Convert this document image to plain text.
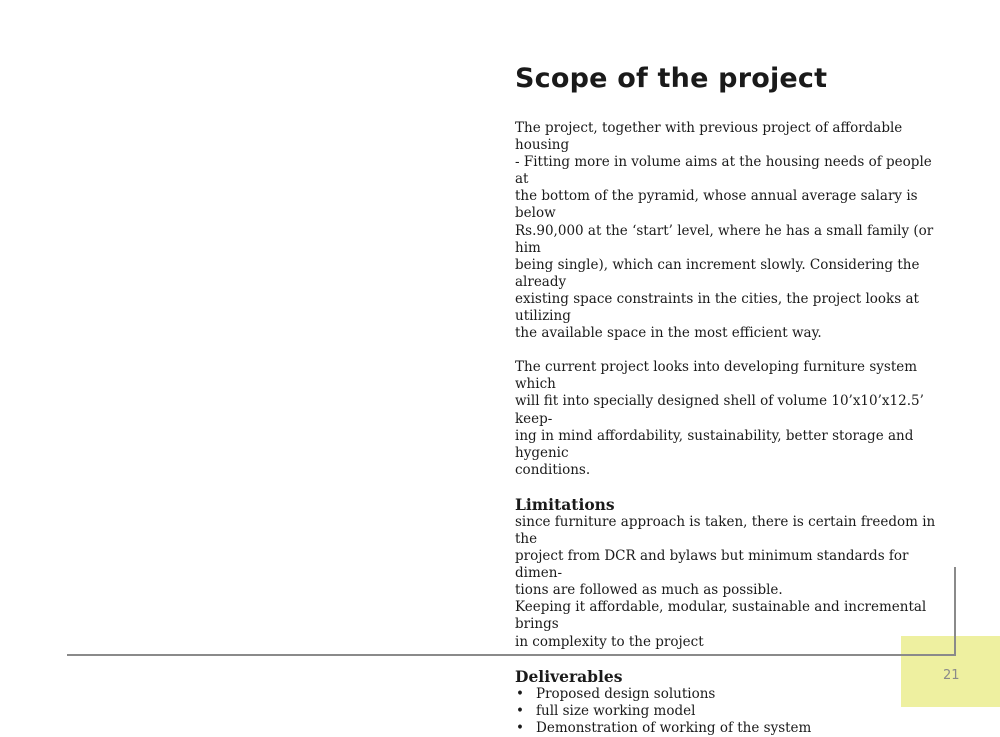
Scope of the project

The project, together with previous project of affordable housing
- Fitting more in volume aims at the housing needs of people at
the bottom of the pyramid, whose annual average salary is below
Rs.90,000 at the ‘start’ level, where he has a small family (or him
being single), which can increment slowly. Considering the already
existing space constraints in the cities, the project looks at utilizing
the available space in the most efficient way.

The current project looks into developing furniture system which
will fit into specially designed shell of volume 10’x10’x12.5’ keep-
ing in mind affordability, sustainability, better storage and hygenic
conditions.

Limitations

since furniture approach is taken, there is certain freedom in the
project from DCR and bylaws but minimum standards for dimen-
tions are followed as much as possible.
Keeping it affordable, modular, sustainable and incremental brings
in complexity to the project

Deliverables
• Proposed design solutions
• full size working model
• Demonstration of working of the system
21
